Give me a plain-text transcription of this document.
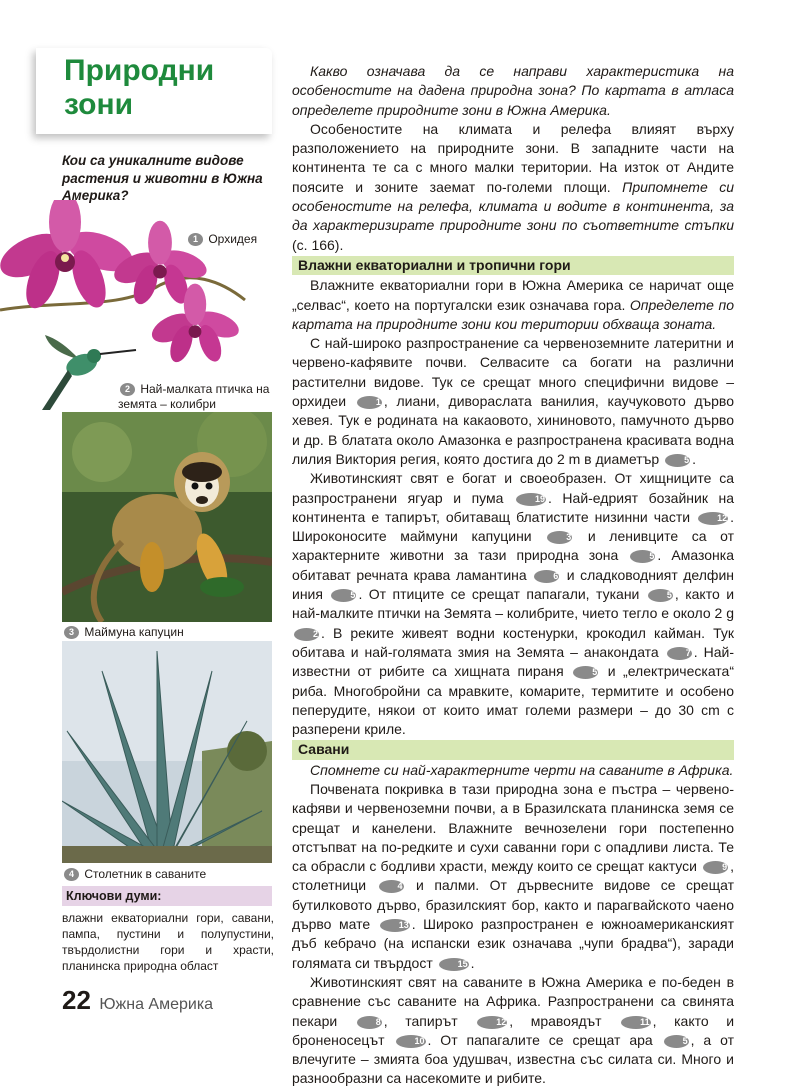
Природни
зони
Кои са уникалните видове растения и животни в Южна Америка?
1 Орхидея
2 Най-малката птичка на земята – колибри
3 Маймуна капуцин
4 Столетник в саваните
Ключови думи:
влажни екваториални гори, савани, пампа, пустини и полупустини, твърдолистни гори и храсти, планинска природна област
22 Южна Америка

Какво означава да се направи характеристика на особеностите на дадена природна зона? По картата в атласа определете природните зони в Южна Америка.

Особеностите на климата и релефа влияят върху разположението на природните зони. В западните части на континента те са с много малки територии. На изток от Андите поясите и зоните заемат по-големи площи. Припомнете си особеностите на релефа, климата и водите в континента, за да характеризирате природните зони по съответните стъпки (с. 166).

Влажни екваториални и тропични гори

Влажните екваториални гори в Южна Америка се наричат още „селвас“, което на португалски език означава гора. Определете по картата на природните зони кои територии обхваща зоната.

С най-широко разпространение са червеноземните латеритни и червено-кафявите почви. Селвасите са богати на различни растителни видове. Тук се срещат много специфични видове – орхидеи	1 , лиани, дивораслата ванилия, каучуковото дърво хевея. Тук е родината на какаовото, хининовото, памучното дърво и др. В блатата около Амазонка е разпространена красивата водна лилия Виктория регия, която достига до 2 m в диаметър	5 .

Животинският свят е богат и своеобразен. От хищниците са разпространени ягуар и пума	19 . Най-едрият бозайник на континента е тапирът, обитаващ блатистите низинни части	12 . Широконосите маймуни капуцини	3 и ленивците са от характерните животни за тази природна зона	5 . Амазонка обитават речната крава ламантина	6 и сладководният делфин иния	5 . От птиците се срещат папагали, тукани	5 , както и най-малките птички на Земята – колибрите, чието тегло е около 2 g 2 . В реките живеят водни костенурки, крокодил кайман. Тук обитава и най-голямата змия на Земята – анакондата	7 . Най-известни от рибите са хищната пираня	5 и „електрическата“ риба. Многобройни са мравките, комарите, термитите и особено пеперудите, някои от които имат големи размери – до 30 cm с разперени криле.

Савани

Спомнете си най-характерните черти на саваните в Африка.

Почвената покривка в тази природна зона е пъстра – червено-кафяви и червеноземни почви, а в Бразилската планинска земя се срещат и канелени. Влажните вечнозелени гори постепенно отстъпват на по-редките и сухи саванни гори с опадливи листа. Те са обрасли с бодливи храсти, между които се срещат кактуси	9 , столетници	4 и палми. От дървесните видове се срещат бутилковото дърво, бразилският бор, както и парагвайското чаено дърво мате	13 . Широко разпространен е южноамериканският дъб кебрачо (на испански език означава „чупи брадва“), заради голямата си твърдост	15 .

Животинският свят на саваните в Южна Америка е по-беден в сравнение със саваните на Африка. Разпространени са свинята пекари	8 , тапирът	12 , мравоядът	11 , както и броненосецът	10 . От папагалите се срещат ара	5 , а от влечугите – змията боа удушвач, известна със силата си. Много и разнообразни са насекомите и рибите.
